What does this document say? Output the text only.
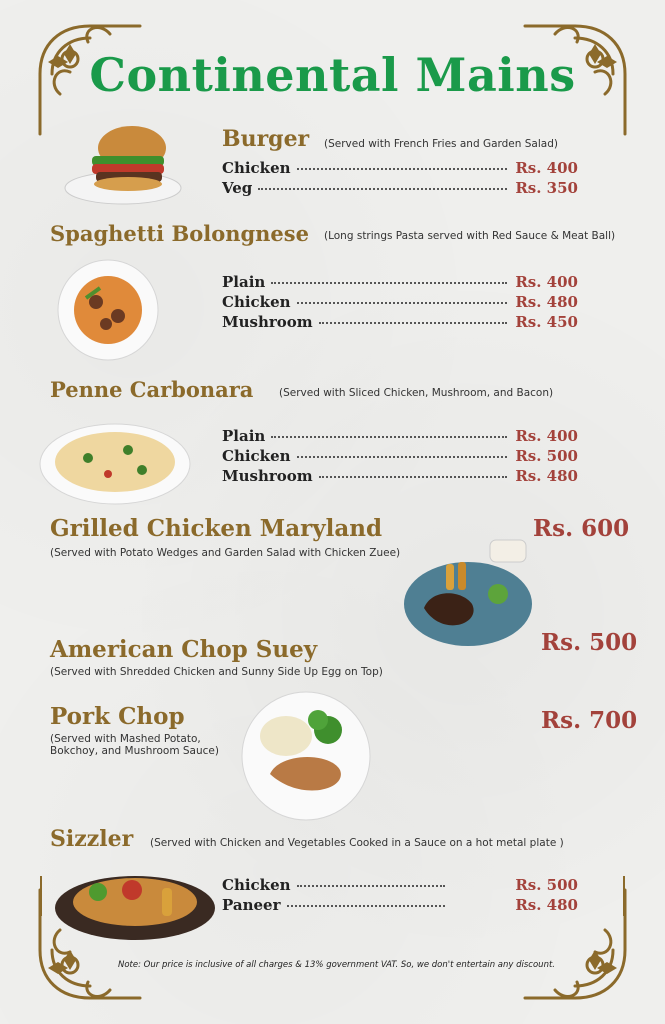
Continental Mains
Burger (Served with French Fries and Garden Salad)
Chicken	Rs. 400
Veg	Rs. 350
Spaghetti Bolongnese (Long strings Pasta served with Red Sauce & Meat Ball)
Plain	Rs. 400
Chicken	Rs. 480
Mushroom	Rs. 450
Penne Carbonara (Served with Sliced Chicken, Mushroom, and Bacon)
Plain	Rs. 400
Chicken	Rs. 500
Mushroom	Rs. 480
Grilled Chicken Maryland
(Served with Potato Wedges and Garden Salad with Chicken Zuee)
Rs. 600
American Chop Suey
(Served with Shredded Chicken and Sunny Side Up Egg on Top)
Rs. 500
Pork Chop
(Served with Mashed Potato,
Bokchoy, and Mushroom Sauce)
Rs. 700
Sizzler (Served with Chicken and Vegetables Cooked in a Sauce on a hot metal plate )
Chicken	Rs. 500
Paneer	Rs. 480
Note: Our price is inclusive of all charges & 13% government VAT. So, we don't entertain any discount.
